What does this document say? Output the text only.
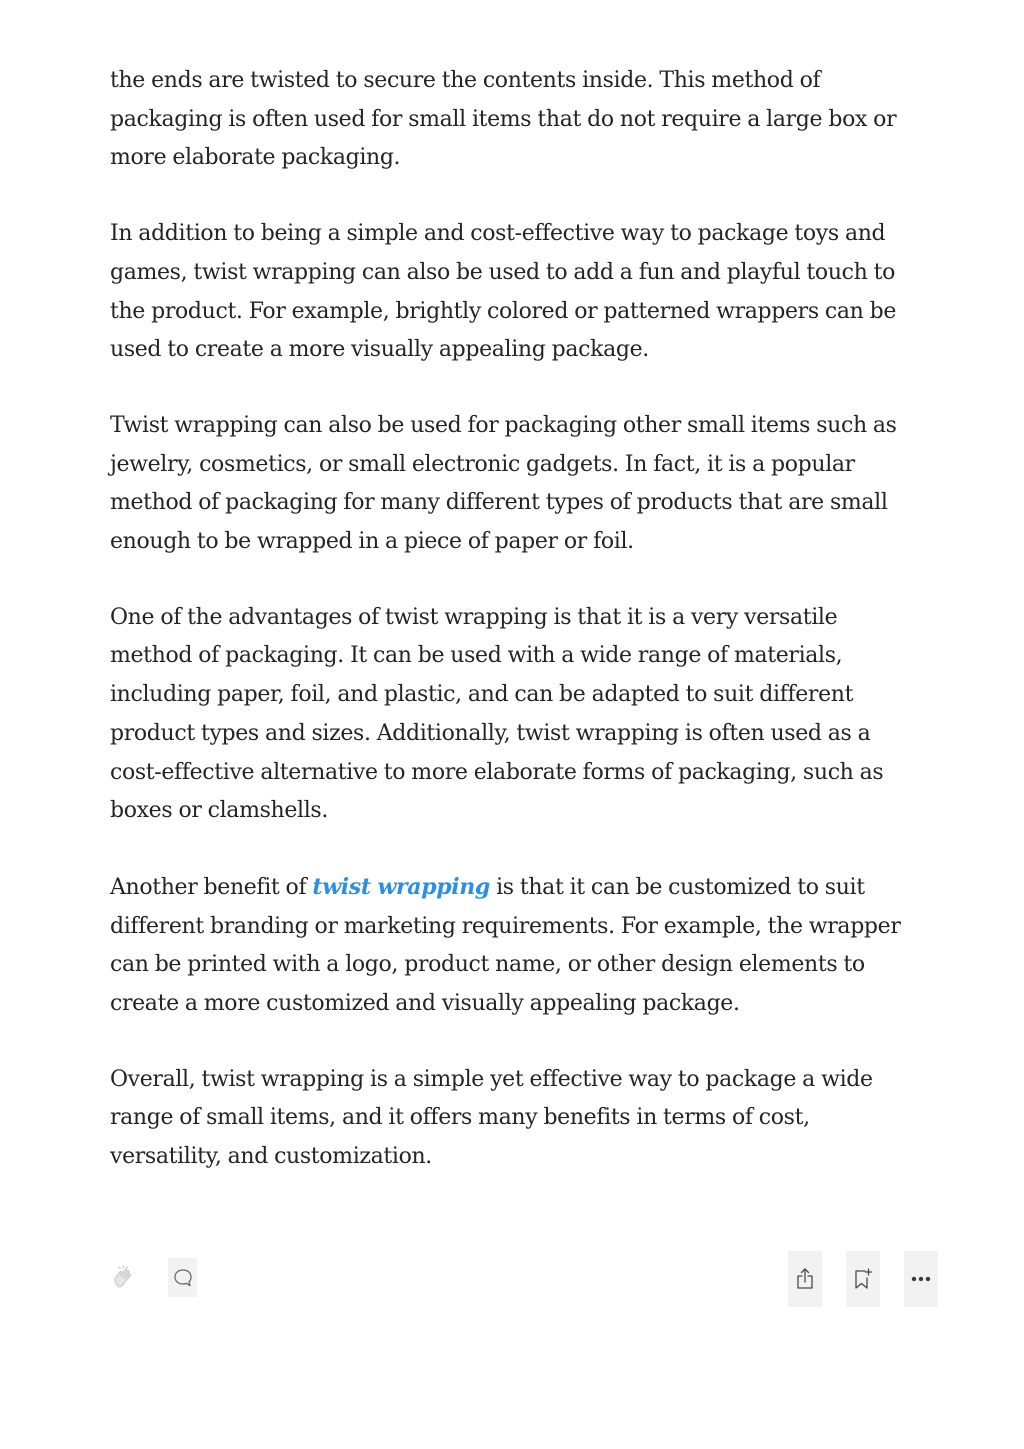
the ends are twisted to secure the contents inside. This method of packaging is often used for small items that do not require a large box or more elaborate packaging.

In addition to being a simple and cost-effective way to package toys and games, twist wrapping can also be used to add a fun and playful touch to the product. For example, brightly colored or patterned wrappers can be used to create a more visually appealing package.

Twist wrapping can also be used for packaging other small items such as jewelry, cosmetics, or small electronic gadgets. In fact, it is a popular method of packaging for many different types of products that are small enough to be wrapped in a piece of paper or foil.

One of the advantages of twist wrapping is that it is a very versatile method of packaging. It can be used with a wide range of materials, including paper, foil, and plastic, and can be adapted to suit different product types and sizes. Additionally, twist wrapping is often used as a cost-effective alternative to more elaborate forms of packaging, such as boxes or clamshells.

Another benefit of twist wrapping is that it can be customized to suit different branding or marketing requirements. For example, the wrapper can be printed with a logo, product name, or other design elements to create a more customized and visually appealing package.

Overall, twist wrapping is a simple yet effective way to package a wide range of small items, and it offers many benefits in terms of cost, versatility, and customization.
